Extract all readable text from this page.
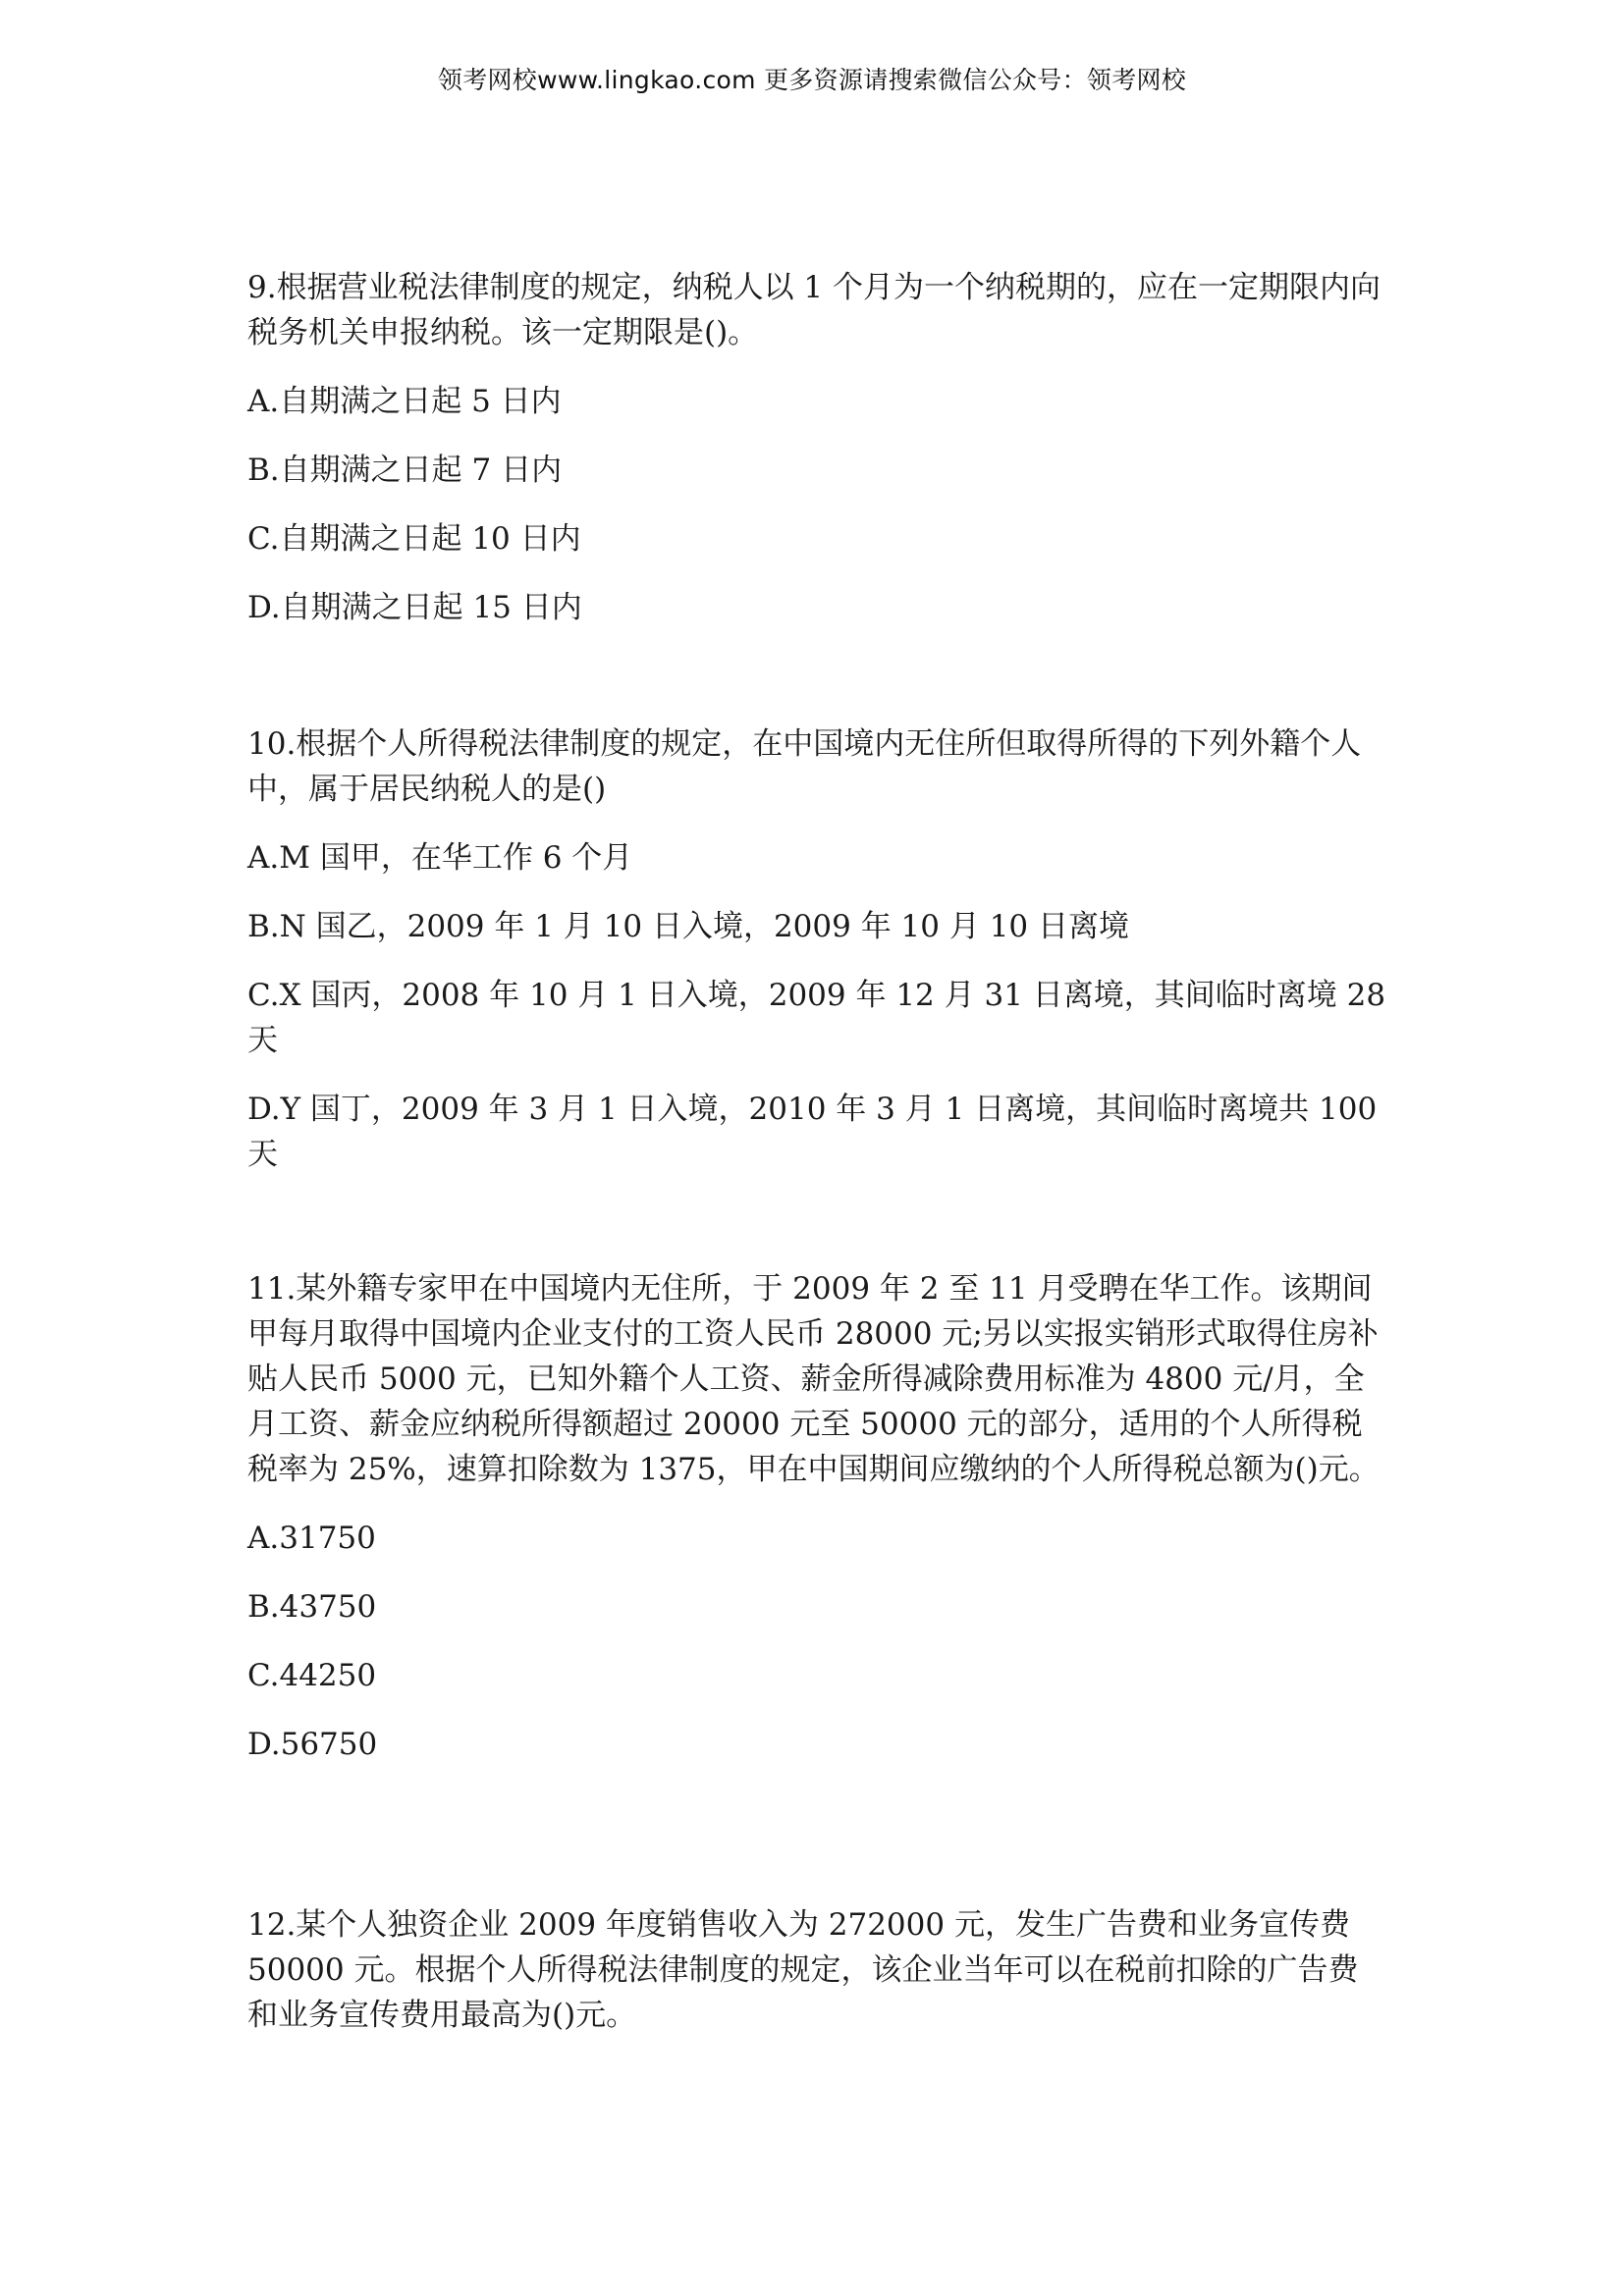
领考网校www.lingkao.com 更多资源请搜索微信公众号：领考网校

9.根据营业税法律制度的规定，纳税人以 1 个月为一个纳税期的，应在一定期限内向税务机关申报纳税。该一定期限是()。

A.自期满之日起 5 日内

B.自期满之日起 7 日内

C.自期满之日起 10 日内

D.自期满之日起 15 日内

10.根据个人所得税法律制度的规定，在中国境内无住所但取得所得的下列外籍个人中，属于居民纳税人的是()

A.M 国甲，在华工作 6 个月

B.N 国乙，2009 年 1 月 10 日入境，2009 年 10 月 10 日离境

C.X 国丙，2008 年 10 月 1 日入境，2009 年 12 月 31 日离境，其间临时离境 28 天

D.Y 国丁，2009 年 3 月 1 日入境，2010 年 3 月 1 日离境，其间临时离境共 100 天

11.某外籍专家甲在中国境内无住所，于 2009 年 2 至 11 月受聘在华工作。该期间甲每月取得中国境内企业支付的工资人民币 28000 元;另以实报实销形式取得住房补贴人民币 5000 元，已知外籍个人工资、薪金所得减除费用标准为 4800 元/月，全月工资、薪金应纳税所得额超过 20000 元至 50000 元的部分，适用的个人所得税税率为 25%，速算扣除数为 1375，甲在中国期间应缴纳的个人所得税总额为()元。

A.31750

B.43750

C.44250

D.56750

12.某个人独资企业 2009 年度销售收入为 272000 元，发生广告费和业务宣传费 50000 元。根据个人所得税法律制度的规定，该企业当年可以在税前扣除的广告费和业务宣传费用最高为()元。
